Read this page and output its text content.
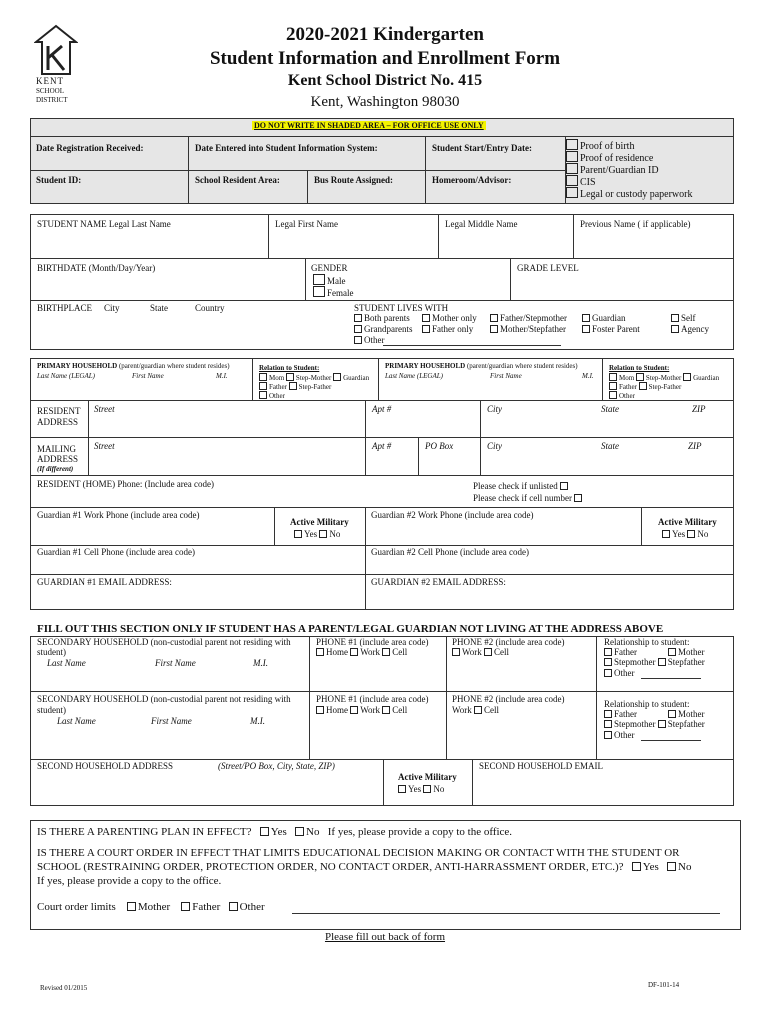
KENT
SCHOOL
DISTRICT
2020-2021 Kindergarten
Student Information and Enrollment Form
Kent School District No. 415
Kent, Washington 98030
DO NOT WRITE IN SHADED AREA – FOR OFFICE USE ONLY
Date Registration Received:	Date Entered into Student Information System:	Student Start/Entry Date:
Student ID:	School Resident Area:	Bus Route Assigned:	Homeroom/Advisor:
Proof of birth
Proof of residence
Parent/Guardian ID
CIS
Legal or custody paperwork
STUDENT NAME Legal Last Name	Legal First Name	Legal Middle Name	Previous Name ( if applicable)
BIRTHDATE (Month/Day/Year)	GENDER
Male
Female
GRADE LEVEL
BIRTHPLACE City	State	Country	STUDENT LIVES WITH
Both parents	Mother only	Father/Stepmother	Guardian	Self
Grandparents	Father only	Mother/Stepfather	Foster Parent	Agency
Other
PRIMARY HOUSEHOLD (parent/guardian where student resides)
Last Name (LEGAL)	First Name	M.I.
Relation to Student:
Mom Step-Mother Guardian
Father Step-Father
Other
PRIMARY HOUSEHOLD (parent/guardian where student resides)
Last Name (LEGAL)	First Name	M.I.
Relation to Student:
Mom Step-Mother Guardian
Father Step-Father
Other
RESIDENT
ADDRESS
Street	Apt #	City	State	ZIP
MAILING
ADDRESS
(If different)
Street	Apt #	PO Box	City	State	ZIP
RESIDENT (HOME) Phone: (Include area code)	Please check if unlisted
Please check if cell number
Guardian #1 Work Phone (include area code)
Active Military
Yes No
Guardian #2 Work Phone (include area code)
Active Military
Yes No
Guardian #1 Cell Phone (include area code)	Guardian #2 Cell Phone (include area code)
GUARDIAN #1 EMAIL ADDRESS:	GUARDIAN #2 EMAIL ADDRESS:
FILL OUT THIS SECTION ONLY IF STUDENT HAS A PARENT/LEGAL GUARDIAN NOT LIVING AT THE ADDRESS ABOVE
SECONDARY HOUSEHOLD (non-custodial parent not residing with
student)
Last Name	First Name	M.I.
PHONE #1 (include area code)
Home Work Cell
PHONE #2 (include area code)
Work Cell
Relationship to student:
Father	Mother
Stepmother Stepfather
Other
SECONDARY HOUSEHOLD (non-custodial parent not residing with
student)
Last Name	First Name	M.I.
PHONE #1 (include area code)
Home Work Cell
PHONE #2 (include area code)
Work Cell
Relationship to student:
Father	Mother
Stepmother Stepfather
Other
SECOND HOUSEHOLD ADDRESS	(Street/PO Box, City, State, ZIP)	SECOND HOUSEHOLD EMAIL
Active Military
Yes No
IS THERE A PARENTING PLAN IN EFFECT? Yes No If yes, please provide a copy to the office.
IS THERE A COURT ORDER IN EFFECT THAT LIMITS EDUCATIONAL DECISION MAKING OR CONTACT WITH THE STUDENT OR
SCHOOL (RESTRAINING ORDER, PROTECTION ORDER, NO CONTACT ORDER, ANTI-HARRASSMENT ORDER, ETC.)? Yes No
If yes, please provide a copy to the office.
Court order limits Mother Father Other
Please fill out back of form
Revised 01/2015	DF-101-14
